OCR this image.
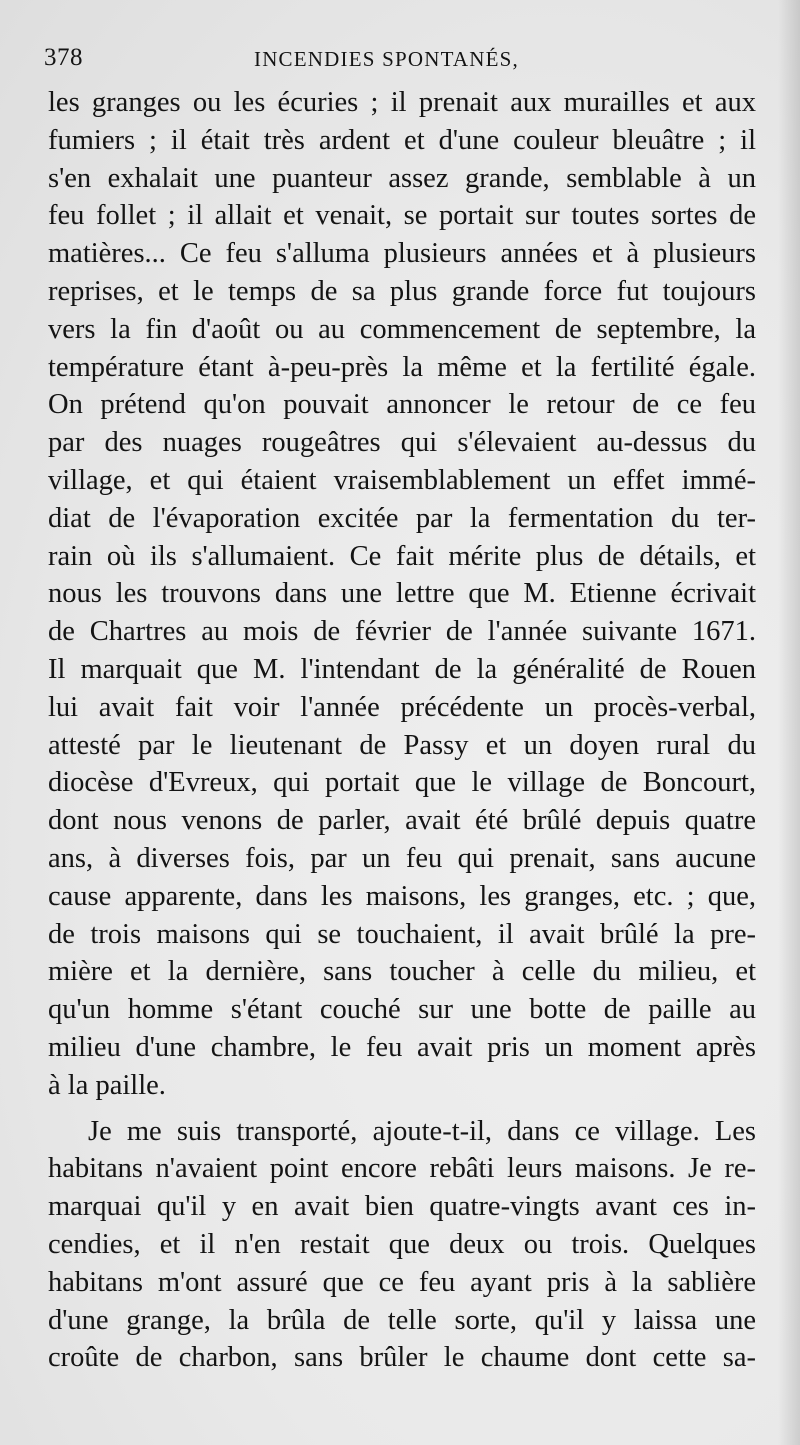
378	INCENDIES SPONTANÉS,
les granges ou les écuries ; il prenait aux murailles et aux
fumiers ; il était très ardent et d'une couleur bleuâtre ; il
s'en exhalait une puanteur assez grande, semblable à un
feu follet ; il allait et venait, se portait sur toutes sortes de
matières... Ce feu s'alluma plusieurs années et à plusieurs
reprises, et le temps de sa plus grande force fut toujours
vers la fin d'août ou au commencement de septembre, la
température étant à-peu-près la même et la fertilité égale.
On prétend qu'on pouvait annoncer le retour de ce feu
par des nuages rougeâtres qui s'élevaient au-dessus du
village, et qui étaient vraisemblablement un effet immé-
diat de l'évaporation excitée par la fermentation du ter-
rain où ils s'allumaient. Ce fait mérite plus de détails, et
nous les trouvons dans une lettre que M. Etienne écrivait
de Chartres au mois de février de l'année suivante 1671.
Il marquait que M. l'intendant de la généralité de Rouen
lui avait fait voir l'année précédente un procès-verbal,
attesté par le lieutenant de Passy et un doyen rural du
diocèse d'Evreux, qui portait que le village de Boncourt,
dont nous venons de parler, avait été brûlé depuis quatre
ans, à diverses fois, par un feu qui prenait, sans aucune
cause apparente, dans les maisons, les granges, etc. ; que,
de trois maisons qui se touchaient, il avait brûlé la pre-
mière et la dernière, sans toucher à celle du milieu, et
qu'un homme s'étant couché sur une botte de paille au
milieu d'une chambre, le feu avait pris un moment après
à la paille.
Je me suis transporté, ajoute-t-il, dans ce village. Les
habitans n'avaient point encore rebâti leurs maisons. Je re-
marquai qu'il y en avait bien quatre-vingts avant ces in-
cendies, et il n'en restait que deux ou trois. Quelques
habitans m'ont assuré que ce feu ayant pris à la sablière
d'une grange, la brûla de telle sorte, qu'il y laissa une
croûte de charbon, sans brûler le chaume dont cette sa-
